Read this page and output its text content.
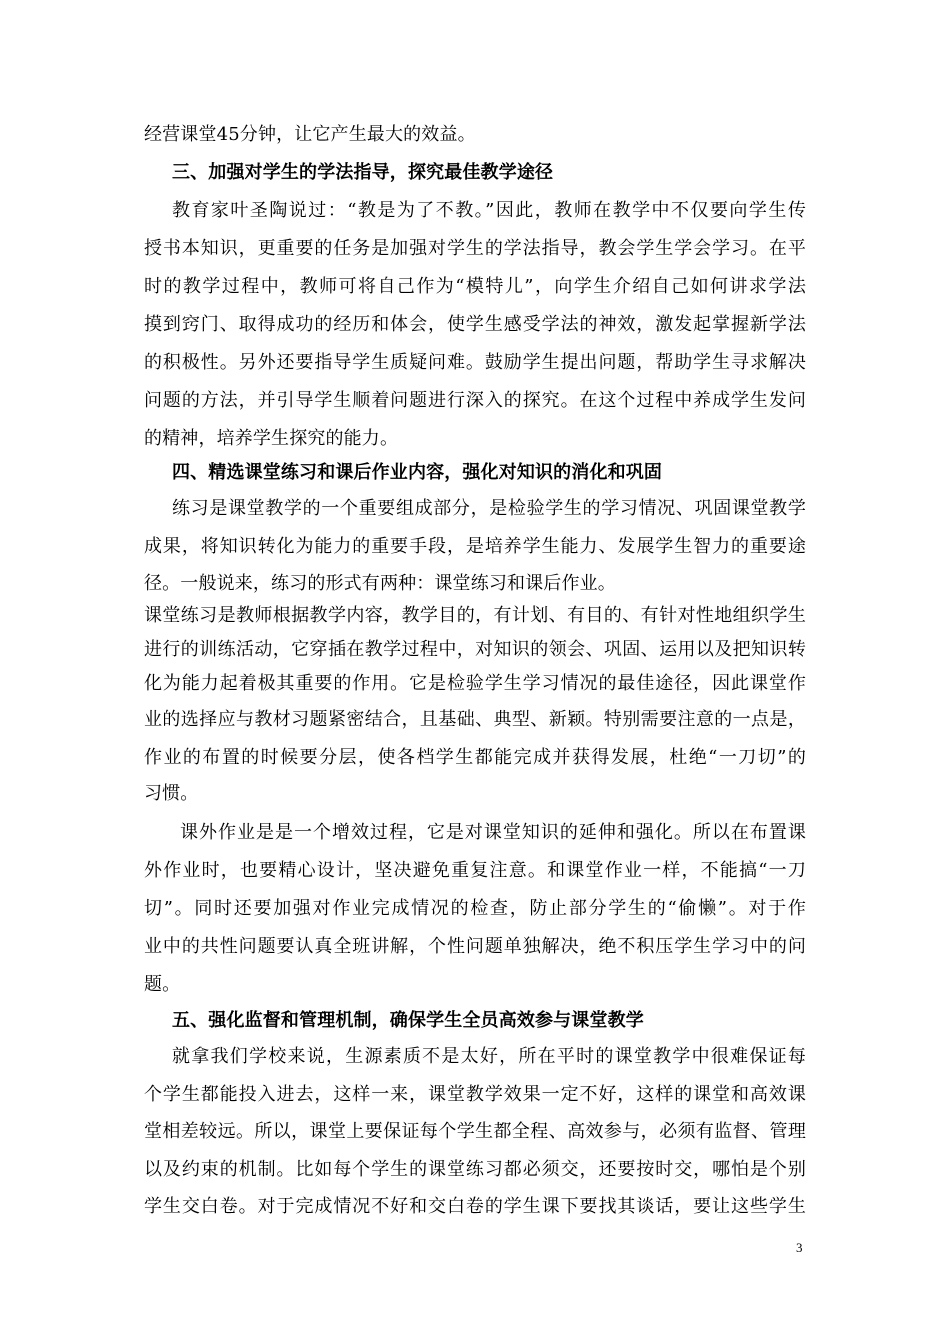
经营课堂45分钟，让它产生最大的效益。
三、加强对学生的学法指导，探究最佳教学途径
教育家叶圣陶说过：“教是为了不教。”因此，教师在教学中不仅要向学生传
授书本知识，更重要的任务是加强对学生的学法指导，教会学生学会学习。在平
时的教学过程中，教师可将自己作为“模特儿”，向学生介绍自己如何讲求学法
摸到窍门、取得成功的经历和体会，使学生感受学法的神效，激发起掌握新学法
的积极性。另外还要指导学生质疑问难。鼓励学生提出问题，帮助学生寻求解决
问题的方法，并引导学生顺着问题进行深入的探究。在这个过程中养成学生发问
的精神，培养学生探究的能力。
四、精选课堂练习和课后作业内容，强化对知识的消化和巩固
练习是课堂教学的一个重要组成部分，是检验学生的学习情况、巩固课堂教学
成果，将知识转化为能力的重要手段，是培养学生能力、发展学生智力的重要途
径。一般说来，练习的形式有两种：课堂练习和课后作业。
课堂练习是教师根据教学内容，教学目的，有计划、有目的、有针对性地组织学生
进行的训练活动，它穿插在教学过程中，对知识的领会、巩固、运用以及把知识转
化为能力起着极其重要的作用。它是检验学生学习情况的最佳途径，因此课堂作
业的选择应与教材习题紧密结合，且基础、典型、新颖。特别需要注意的一点是，
作业的布置的时候要分层，使各档学生都能完成并获得发展，杜绝“一刀切”的
习惯。
课外作业是是一个增效过程，它是对课堂知识的延伸和强化。所以在布置课
外作业时，也要精心设计，坚决避免重复注意。和课堂作业一样，不能搞“一刀
切”。同时还要加强对作业完成情况的检查，防止部分学生的“偷懒”。对于作
业中的共性问题要认真全班讲解，个性问题单独解决，绝不积压学生学习中的问
题。
五、强化监督和管理机制，确保学生全员高效参与课堂教学
就拿我们学校来说，生源素质不是太好，所在平时的课堂教学中很难保证每
个学生都能投入进去，这样一来，课堂教学效果一定不好，这样的课堂和高效课
堂相差较远。所以，课堂上要保证每个学生都全程、高效参与，必须有监督、管理
以及约束的机制。比如每个学生的课堂练习都必须交，还要按时交，哪怕是个别
学生交白卷。对于完成情况不好和交白卷的学生课下要找其谈话，要让这些学生
3
